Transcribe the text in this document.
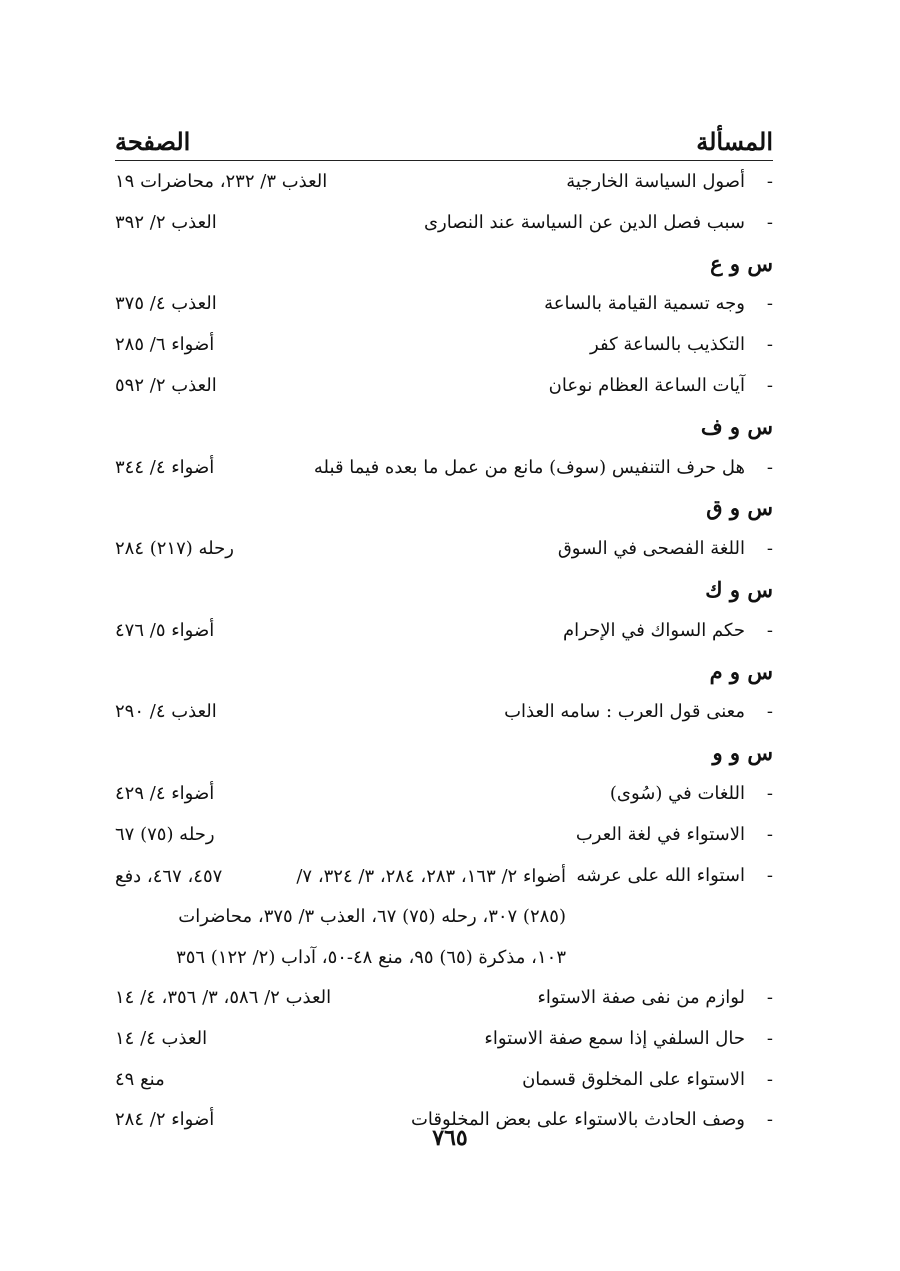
المسألة
الصفحة
-
أصول السياسة الخارجية
العذب ٣/ ٢٣٢، محاضرات ١٩
-
سبب فصل الدين عن السياسة عند النصارى
العذب ٢/ ٣٩٢
س و ع
-
وجه تسمية القيامة بالساعة
العذب ٤/ ٣٧٥
-
التكذيب بالساعة كفر
أضواء ٦/ ٢٨٥
-
آيات الساعة العظام نوعان
العذب ٢/ ٥٩٢
س و ف
-
هل حرف التنفيس (سوف) مانع من عمل ما بعده فيما قبله
أضواء ٤/ ٣٤٤
س و ق
-
اللغة الفصحى في السوق
رحله (٢١٧) ٢٨٤
س و ك
-
حكم السواك في الإحرام
أضواء ٥/ ٤٧٦
س و م
-
معنى قول العرب : سامه العذاب
العذب ٤/ ٢٩٠
س و و
-
اللغات في (سُوى)
أضواء ٤/ ٤٢٩
-
الاستواء في لغة العرب
رحله (٧٥) ٦٧
-
استواء الله على عرشه
أضواء ٢/ ١٦٣، ٢٨٣، ٢٨٤، ٣/ ٣٢٤، ٧/
٤٥٧، ٤٦٧، دفع
(٢٨٥) ٣٠٧، رحله (٧٥) ٦٧، العذب ٣/ ٣٧٥، محاضرات
١٠٣، مذكرة (٦٥) ٩٥، منع ٤٨-٥٠، آداب (٢/ ١٢٢) ٣٥٦
-
لوازم من نفى صفة الاستواء
العذب ٢/ ٥٨٦، ٣/ ٣٥٦، ٤/ ١٤
-
حال السلفي إذا سمع صفة الاستواء
العذب ٤/ ١٤
-
الاستواء على المخلوق قسمان
منع ٤٩
-
وصف الحادث بالاستواء على بعض المخلوقات
أضواء ٢/ ٢٨٤
٧٦٥
